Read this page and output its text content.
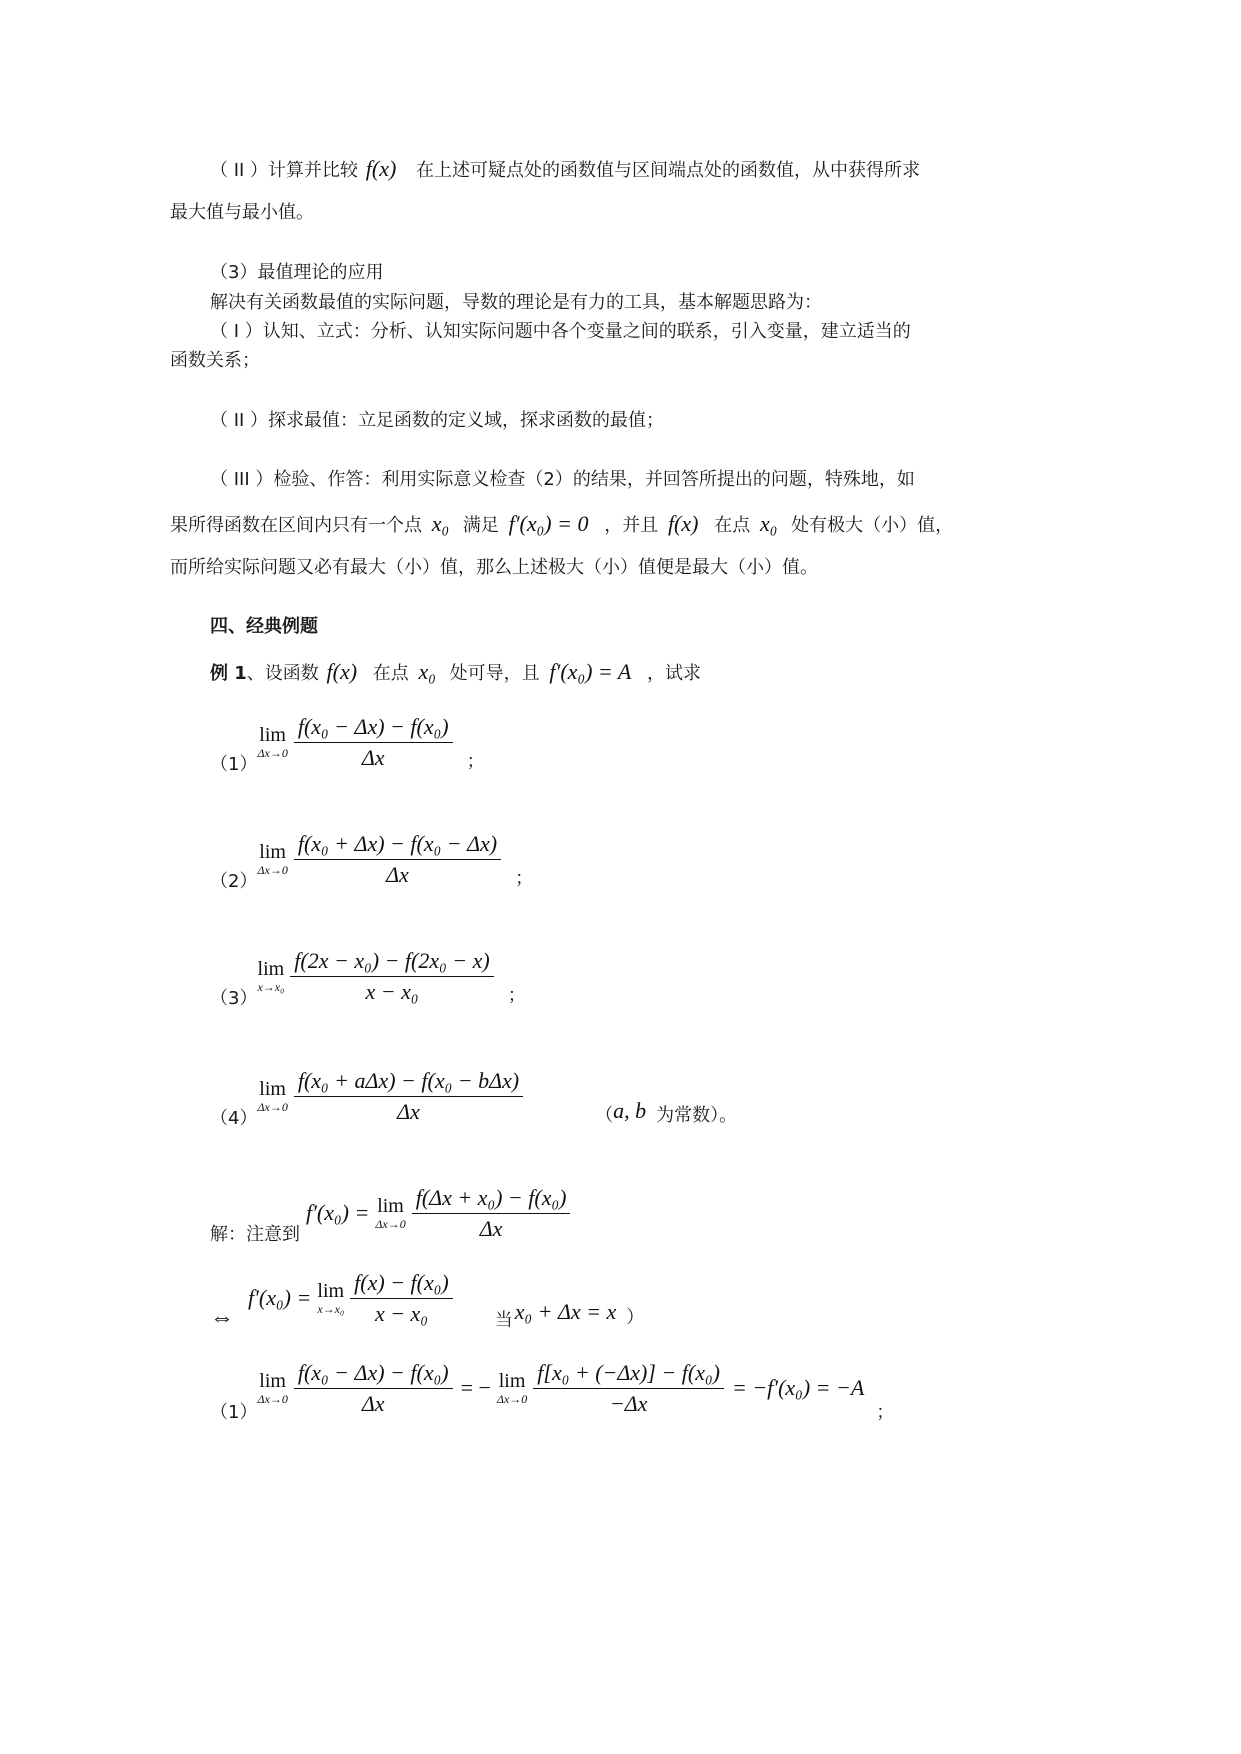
（ II ）计算并比较 f(x) 在上述可疑点处的函数值与区间端点处的函数值，从中获得所求
最大值与最小值。
（3）最值理论的应用
解决有关函数最值的实际问题，导数的理论是有力的工具，基本解题思路为：
（ I ）认知、立式：分析、认知实际问题中各个变量之间的联系，引入变量，建立适当的
函数关系；
（ II ）探求最值：立足函数的定义域，探求函数的最值；
（ III ）检验、作答：利用实际意义检查（2）的结果，并回答所提出的问题，特殊地，如
果所得函数在区间内只有一个点 x₀ 满足 f′(x₀) = 0 ，并且 f(x) 在点 x₀ 处有极大（小）值，
而所给实际问题又必有最大（小）值，那么上述极大（小）值便是最大（小）值。
四、经典例题
例 1、设函数 f(x) 在点 x₀ 处可导，且 f′(x₀) = A ，试求
（1）
lim
$\Delta x\to 0 \frac{\text{f(x₀ − Δx) − f(x₀)}}{\Delta x}$ ；
（2）
lim
$\Delta x\to 0 \frac{\text{f(x₀ + Δx) − f(x₀ − Δx)}}{\Delta x}$ ；
（3）
lim
$x\to x_0 \frac{\text{f(2x − x₀) − f(2x₀ − x)}}{\text{x − x₀}}$ ；
（4）
lim
$\Delta x\to 0 \frac{\text{f(x₀ + aΔx) − f(x₀ − bΔx)}}{\Delta x}$	（ a, b 为常数）。
解：注意到
f′(x₀) = lim
$\Delta x\to 0 \frac{\text{f(Δx + x₀) − f(x₀)}}{\Delta x}$
⇔
f′(x₀) = lim
$x\to x_0 \frac{\text{f(x) − f(x₀)}}{\text{x − x₀}}$ 当 x₀ + Δx = x ）
（1）
lim
$\Delta x\to 0 \frac{\text{f(x₀ − Δx) − f(x₀)}}{\Delta x}$ = − lim
$\Delta x\to 0 \frac{\text{f[x₀ + (−Δx)] − f(x₀)}}{-\Delta x} = -f'(x_0) = -A$
；
